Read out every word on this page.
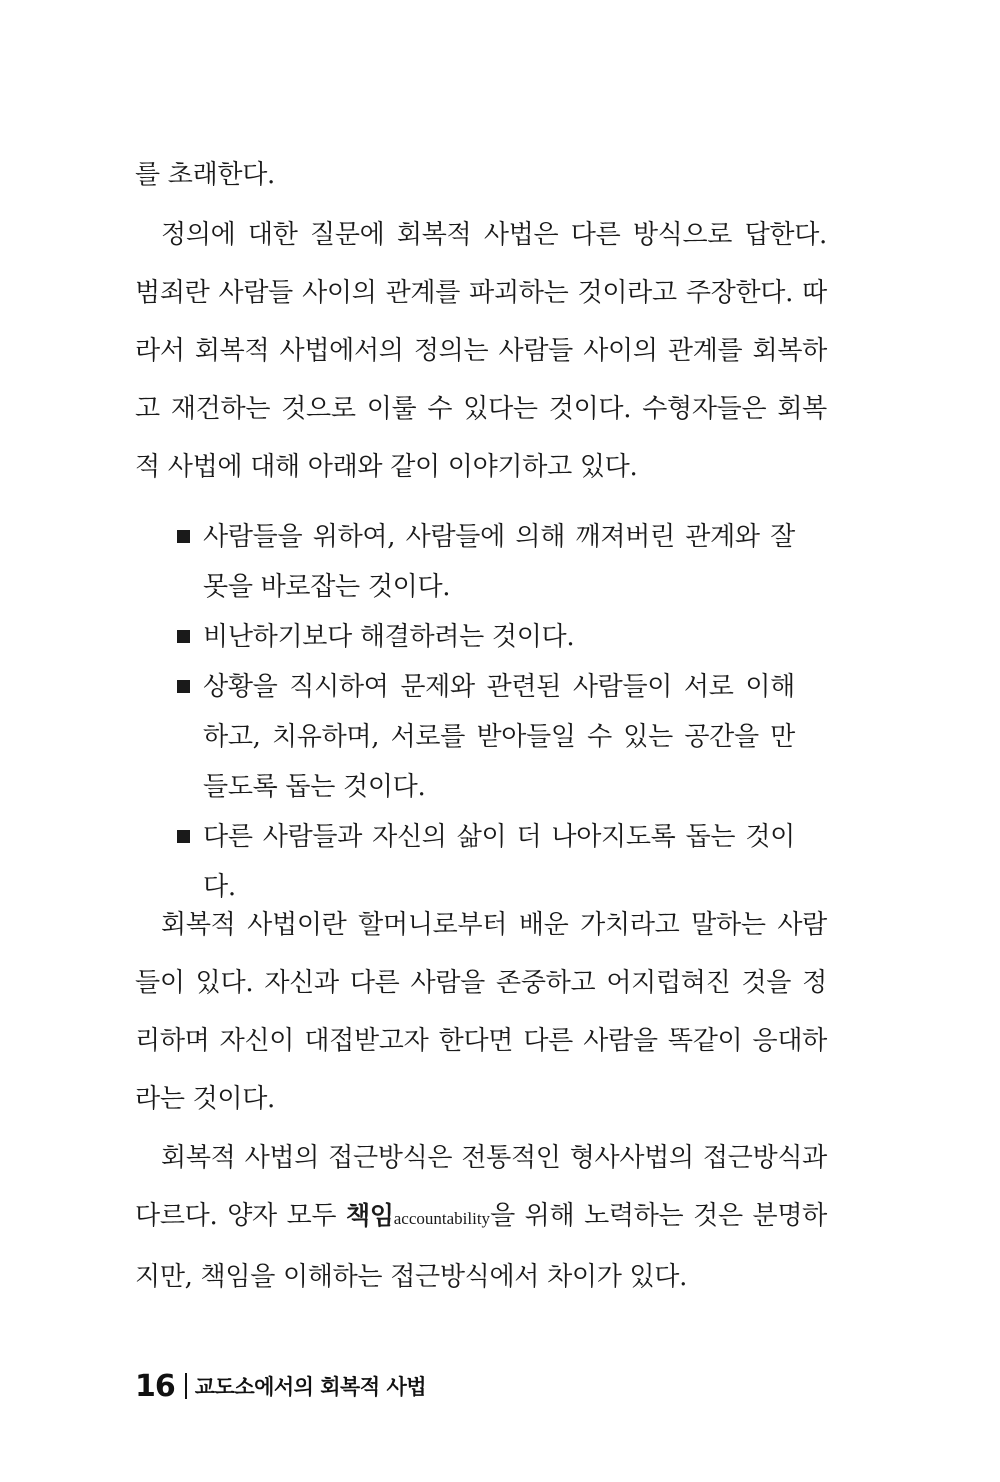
를 초래한다.

정의에 대한 질문에 회복적 사법은 다른 방식으로 답한다. 범죄란 사람들 사이의 관계를 파괴하는 것이라고 주장한다. 따라서 회복적 사법에서의 정의는 사람들 사이의 관계를 회복하고 재건하는 것으로 이룰 수 있다는 것이다. 수형자들은 회복적 사법에 대해 아래와 같이 이야기하고 있다.

사람들을 위하여, 사람들에 의해 깨져버린 관계와 잘못을 바로잡는 것이다.
비난하기보다 해결하려는 것이다.
상황을 직시하여 문제와 관련된 사람들이 서로 이해하고, 치유하며, 서로를 받아들일 수 있는 공간을 만들도록 돕는 것이다.
다른 사람들과 자신의 삶이 더 나아지도록 돕는 것이다.

회복적 사법이란 할머니로부터 배운 가치라고 말하는 사람들이 있다. 자신과 다른 사람을 존중하고 어지럽혀진 것을 정리하며 자신이 대접받고자 한다면 다른 사람을 똑같이 응대하라는 것이다.

회복적 사법의 접근방식은 전통적인 형사사법의 접근방식과 다르다. 양자 모두 책임accountability을 위해 노력하는 것은 분명하지만, 책임을 이해하는 접근방식에서 차이가 있다.

16 교도소에서의 회복적 사법
